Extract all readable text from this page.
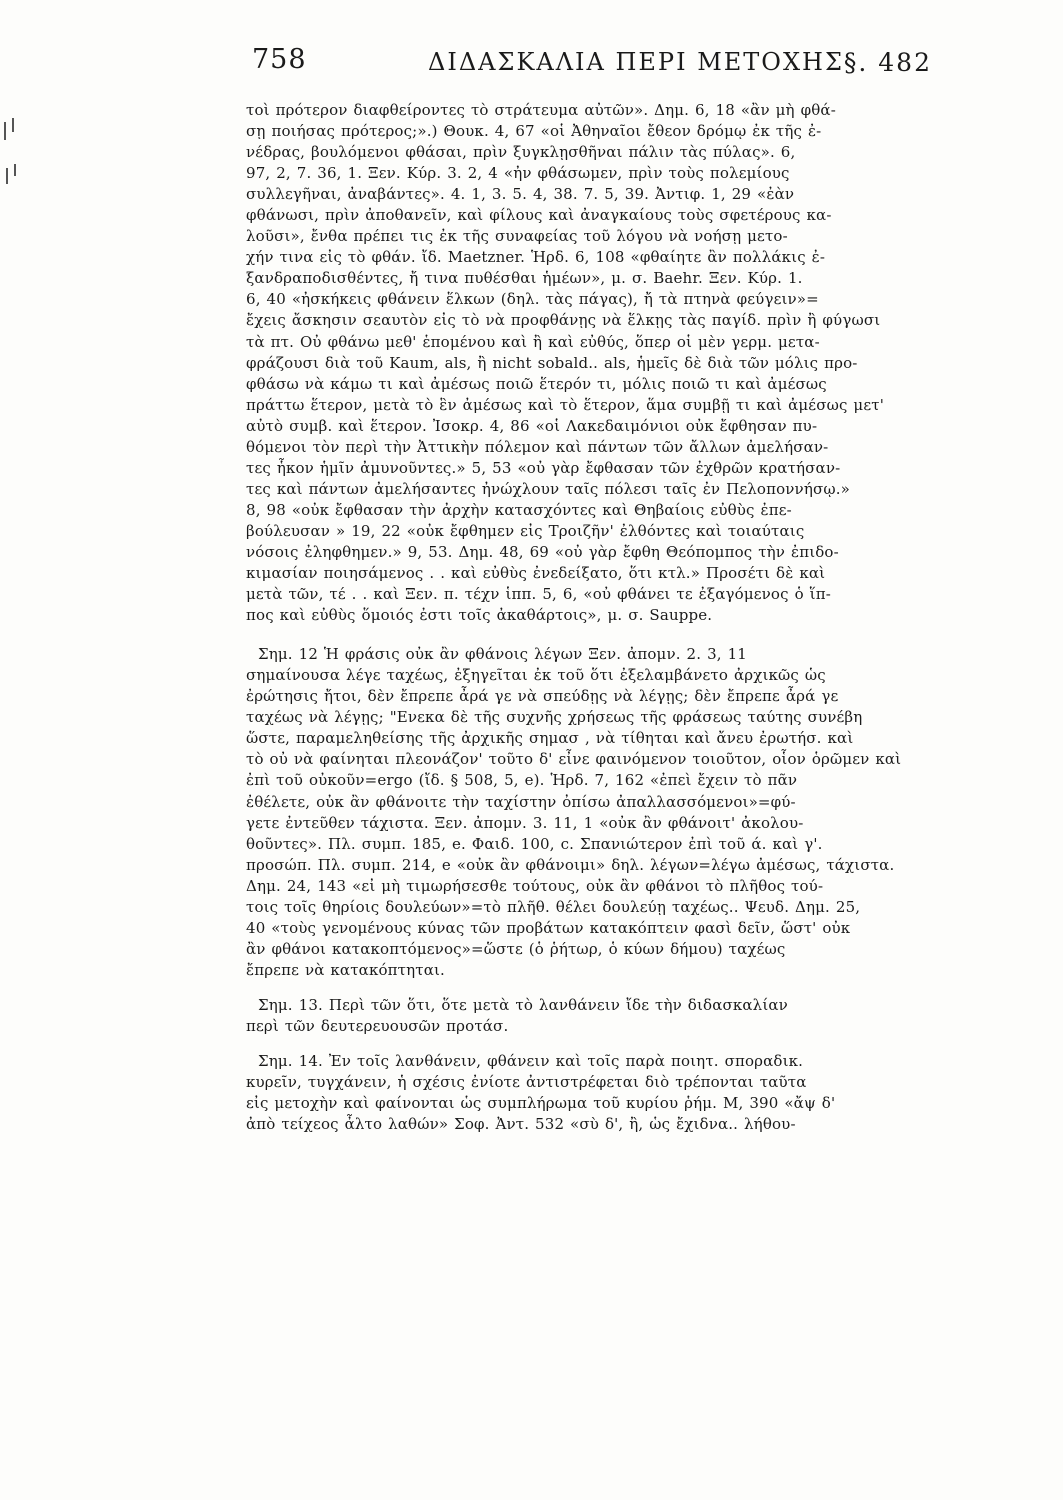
758	ΔΙΔΑΣΚΑΛΙΑ ΠΕΡΙ ΜΕΤΟΧΗΣ §. 482
τοὶ πρότερον διαφθείροντες τὸ στράτευμα αὐτῶν». Δημ. 6, 18 «ἂν μὴ φθά-
σῃ ποιήσας πρότερος;».) Θουκ. 4, 67 «οἱ Ἀθηναῖοι ἔθεον δρόμῳ ἐκ τῆς ἐ-
νέδρας, βουλόμενοι φθάσαι, πρὶν ξυγκλῃσθῆναι πάλιν τὰς πύλας». 6,
97, 2, 7. 36, 1. Ξεν. Κύρ. 3. 2, 4 «ἠν φθάσωμεν, πρὶν τοὺς πολεμίους
συλλεγῆναι, ἀναβάντες». 4. 1, 3. 5. 4, 38. 7. 5, 39. Ἀντιφ. 1, 29 «ἐὰν
φθάνωσι, πρὶν ἀποθανεῖν, καὶ φίλους καὶ ἀναγκαίους τοὺς σφετέρους κα-
λοῦσι», ἔνθα πρέπει τις ἐκ τῆς συναφείας τοῦ λόγου νὰ νοήσῃ μετο-
χήν τινα εἰς τὸ φθάν. ἴδ. Maetzner. Ἡρδ. 6, 108 «φθαίητε ἂν πολλάκις ἐ-
ξανδραποδισθέντες, ἤ τινα πυθέσθαι ἡμέων», μ. σ. Baehr. Ξεν. Κύρ. 1.
6, 40 «ἠσκήκεις φθάνειν ἕλκων (δηλ. τὰς πάγας), ἤ τὰ πτηνὰ φεύγειν»=
ἔχεις ἄσκησιν σεαυτὸν εἰς τὸ νὰ προφθάνῃς νὰ ἕλκῃς τὰς παγίδ. πρὶν ἢ φύγωσι
τὰ πτ. Οὐ φθάνω μεθ' ἑπομένου καὶ ἢ καὶ εὐθύς, ὅπερ οἱ μὲν γερμ. μετα-
φράζουσι διὰ τοῦ Kaum, als, ἢ nicht sobald.. als, ἡμεῖς δὲ διὰ τῶν μόλις προ-
φθάσω νὰ κάμω τι καὶ ἀμέσως ποιῶ ἕτερόν τι, μόλις ποιῶ τι καὶ ἀμέσως
πράττω ἕτερον, μετὰ τὸ ἓν ἀμέσως καὶ τὸ ἕτερον, ἅμα συμβῇ τι καὶ ἀμέσως μετ'
αὐτὸ συμβ. καὶ ἕτερον. Ἰσοκρ. 4, 86 «οἱ Λακεδαιμόνιοι οὐκ ἔφθησαν πυ-
θόμενοι τὸν περὶ τὴν Ἀττικὴν πόλεμον καὶ πάντων τῶν ἄλλων ἀμελήσαν-
τες ἧκον ἡμῖν ἀμυνοῦντες.» 5, 53 «οὐ γὰρ ἔφθασαν τῶν ἐχθρῶν κρατήσαν-
τες καὶ πάντων ἀμελήσαντες ἠνώχλουν ταῖς πόλεσι ταῖς ἐν Πελοποννήσῳ.»
8, 98 «οὐκ ἔφθασαν τὴν ἀρχὴν κατασχόντες καὶ Θηβαίοις εὐθὺς ἐπε-
βούλευσαν » 19, 22 «οὐκ ἔφθημεν εἰς Τροιζῆν' ἐλθόντες καὶ τοιαύταις
νόσοις ἐληφθημεν.» 9, 53. Δημ. 48, 69 «οὐ γὰρ ἔφθη Θεόπομπος τὴν ἐπιδο-
κιμασίαν ποιησάμενος . . καὶ εὐθὺς ἐνεδείξατο, ὅτι κτλ.» Προσέτι δὲ καὶ
μετὰ τῶν, τέ . . καὶ Ξεν. π. τέχν ἱππ. 5, 6, «οὐ φθάνει τε ἐξαγόμενος ὁ ἵπ-
πος καὶ εὐθὺς ὅμοιός ἐστι τοῖς ἀκαθάρτοις», μ. σ. Sauppe.
Σημ. 12 Ἡ φράσις οὐκ ἂν φθάνοις λέγων Ξεν. ἀπομν. 2. 3, 11
σημαίνουσα λέγε ταχέως, ἐξηγεῖται ἐκ τοῦ ὅτι ἐξελαμβάνετο ἀρχικῶς ὡς
ἐρώτησις ἤτοι, δὲν ἔπρεπε ἆρά γε νὰ σπεύδῃς νὰ λέγῃς; δὲν ἔπρεπε ἆρά γε
ταχέως νὰ λέγῃς; "Ενεκα δὲ τῆς συχνῆς χρήσεως τῆς φράσεως ταύτης συνέβη
ὥστε, παραμεληθείσης τῆς ἀρχικῆς σημασ , νὰ τίθηται καὶ ἄνευ ἐρωτήσ. καὶ
τὸ οὐ νὰ φαίνηται πλεονάζον' τοῦτο δ' εἶνε φαινόμενον τοιοῦτον, οἷον ὁρῶμεν καὶ
ἐπὶ τοῦ οὐκοῦν=ergo (ἴδ. § 508, 5, e). Ἡρδ. 7, 162 «ἐπεὶ ἔχειν τὸ πᾶν
ἐθέλετε, οὐκ ἂν φθάνοιτε τὴν ταχίστην ὀπίσω ἀπαλλασσόμενοι»=φύ-
γετε ἐντεῦθεν τάχιστα. Ξεν. ἀπομν. 3. 11, 1 «οὐκ ἂν φθάνοιτ' ἀκολου-
θοῦντες». Πλ. συμπ. 185, e. Φαιδ. 100, c. Σπανιώτερον ἐπὶ τοῦ ά. καὶ γ'.
προσώπ. Πλ. συμπ. 214, e «οὐκ ἂν φθάνοιμι» δηλ. λέγων=λέγω ἀμέσως, τάχιστα.
Δημ. 24, 143 «εἰ μὴ τιμωρήσεσθε τούτους, οὐκ ἂν φθάνοι τὸ πλῆθος τού-
τοις τοῖς θηρίοις δουλεύων»=τὸ πλῆθ. θέλει δουλεύῃ ταχέως.. Ψευδ. Δημ. 25,
40 «τοὺς γενομένους κύνας τῶν προβάτων κατακόπτειν φασὶ δεῖν, ὥστ' οὐκ
ἂν φθάνοι κατακοπτόμενος»=ὥστε (ὁ ῥήτωρ, ὁ κύων δήμου) ταχέως
ἔπρεπε νὰ κατακόπτηται.
Σημ. 13. Περὶ τῶν ὅτι, ὅτε μετὰ τὸ λανθάνειν ἴδε τὴν διδασκαλίαν
περὶ τῶν δευτερευουσῶν προτάσ.
Σημ. 14. Ἐν τοῖς λανθάνειν, φθάνειν καὶ τοῖς παρὰ ποιητ. σποραδικ.
κυρεῖν, τυγχάνειν, ἡ σχέσις ἐνίοτε ἀντιστρέφεται διὸ τρέπονται ταῦτα
εἰς μετοχὴν καὶ φαίνονται ὡς συμπλήρωμα τοῦ κυρίου ῥήμ. Μ, 390 «ἄψ δ'
ἀπὸ τείχεος ἆλτο λαθών» Σοφ. Ἀντ. 532 «σὺ δ', ἢ, ὡς ἔχιδνα.. λήθου-
